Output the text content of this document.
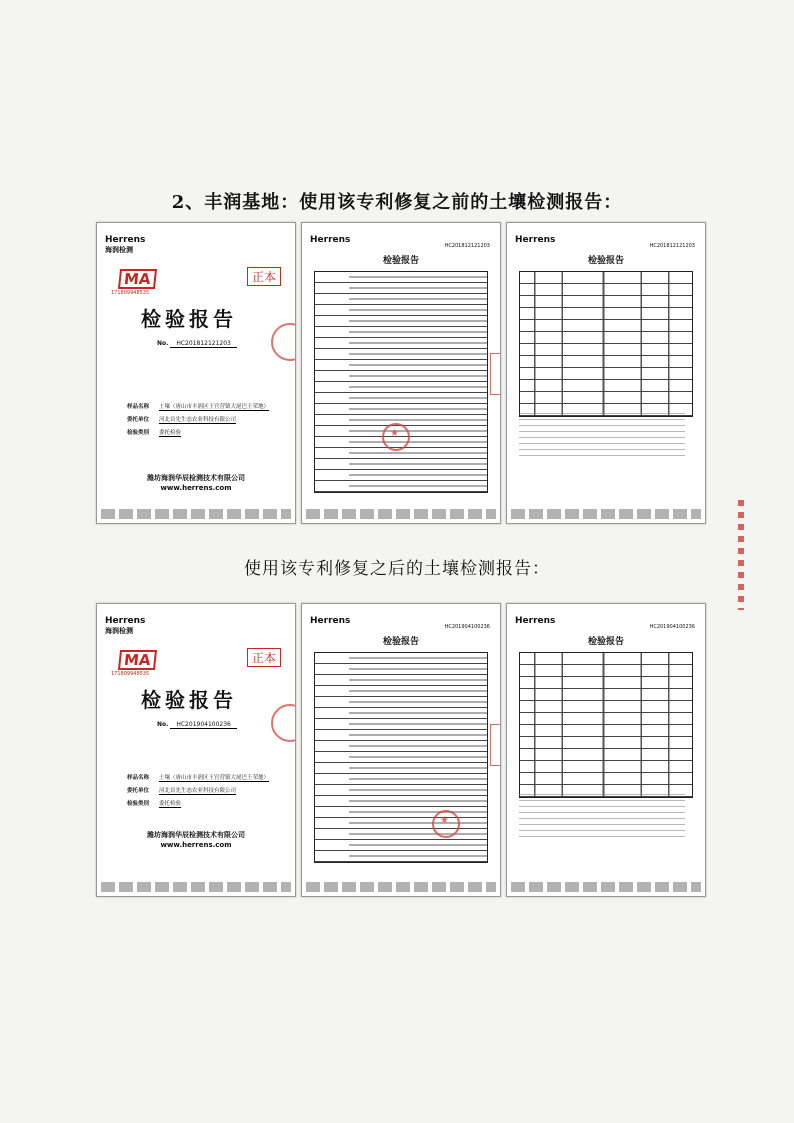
2、丰润基地：使用该专利修复之前的土壤检测报告：
Herrens
海润检测
MA
171809948535
正本
检验报告
No. HC201812121203
样品名称 土壤（唐山市丰润区王官营镇大尾巴王荣地）
委托单位 河北首先生态农业科技有限公司
检验类别 委托检验
潍坊海润华辰检测技术有限公司
www.herrens.com
Herrens
HC201812121203
检验报告
★
Herrens
HC201812121203
检验报告
使用该专利修复之后的土壤检测报告：
Herrens
海润检测
MA
171809948535
正本
检验报告
No. HC201904100236
样品名称 土壤（唐山市丰润区王官营镇大尾巴王荣地）
委托单位 河北首先生态农业科技有限公司
检验类别 委托检验
潍坊海润华辰检测技术有限公司
www.herrens.com
Herrens
HC201904100236
检验报告
★
Herrens
HC201904100236
检验报告
